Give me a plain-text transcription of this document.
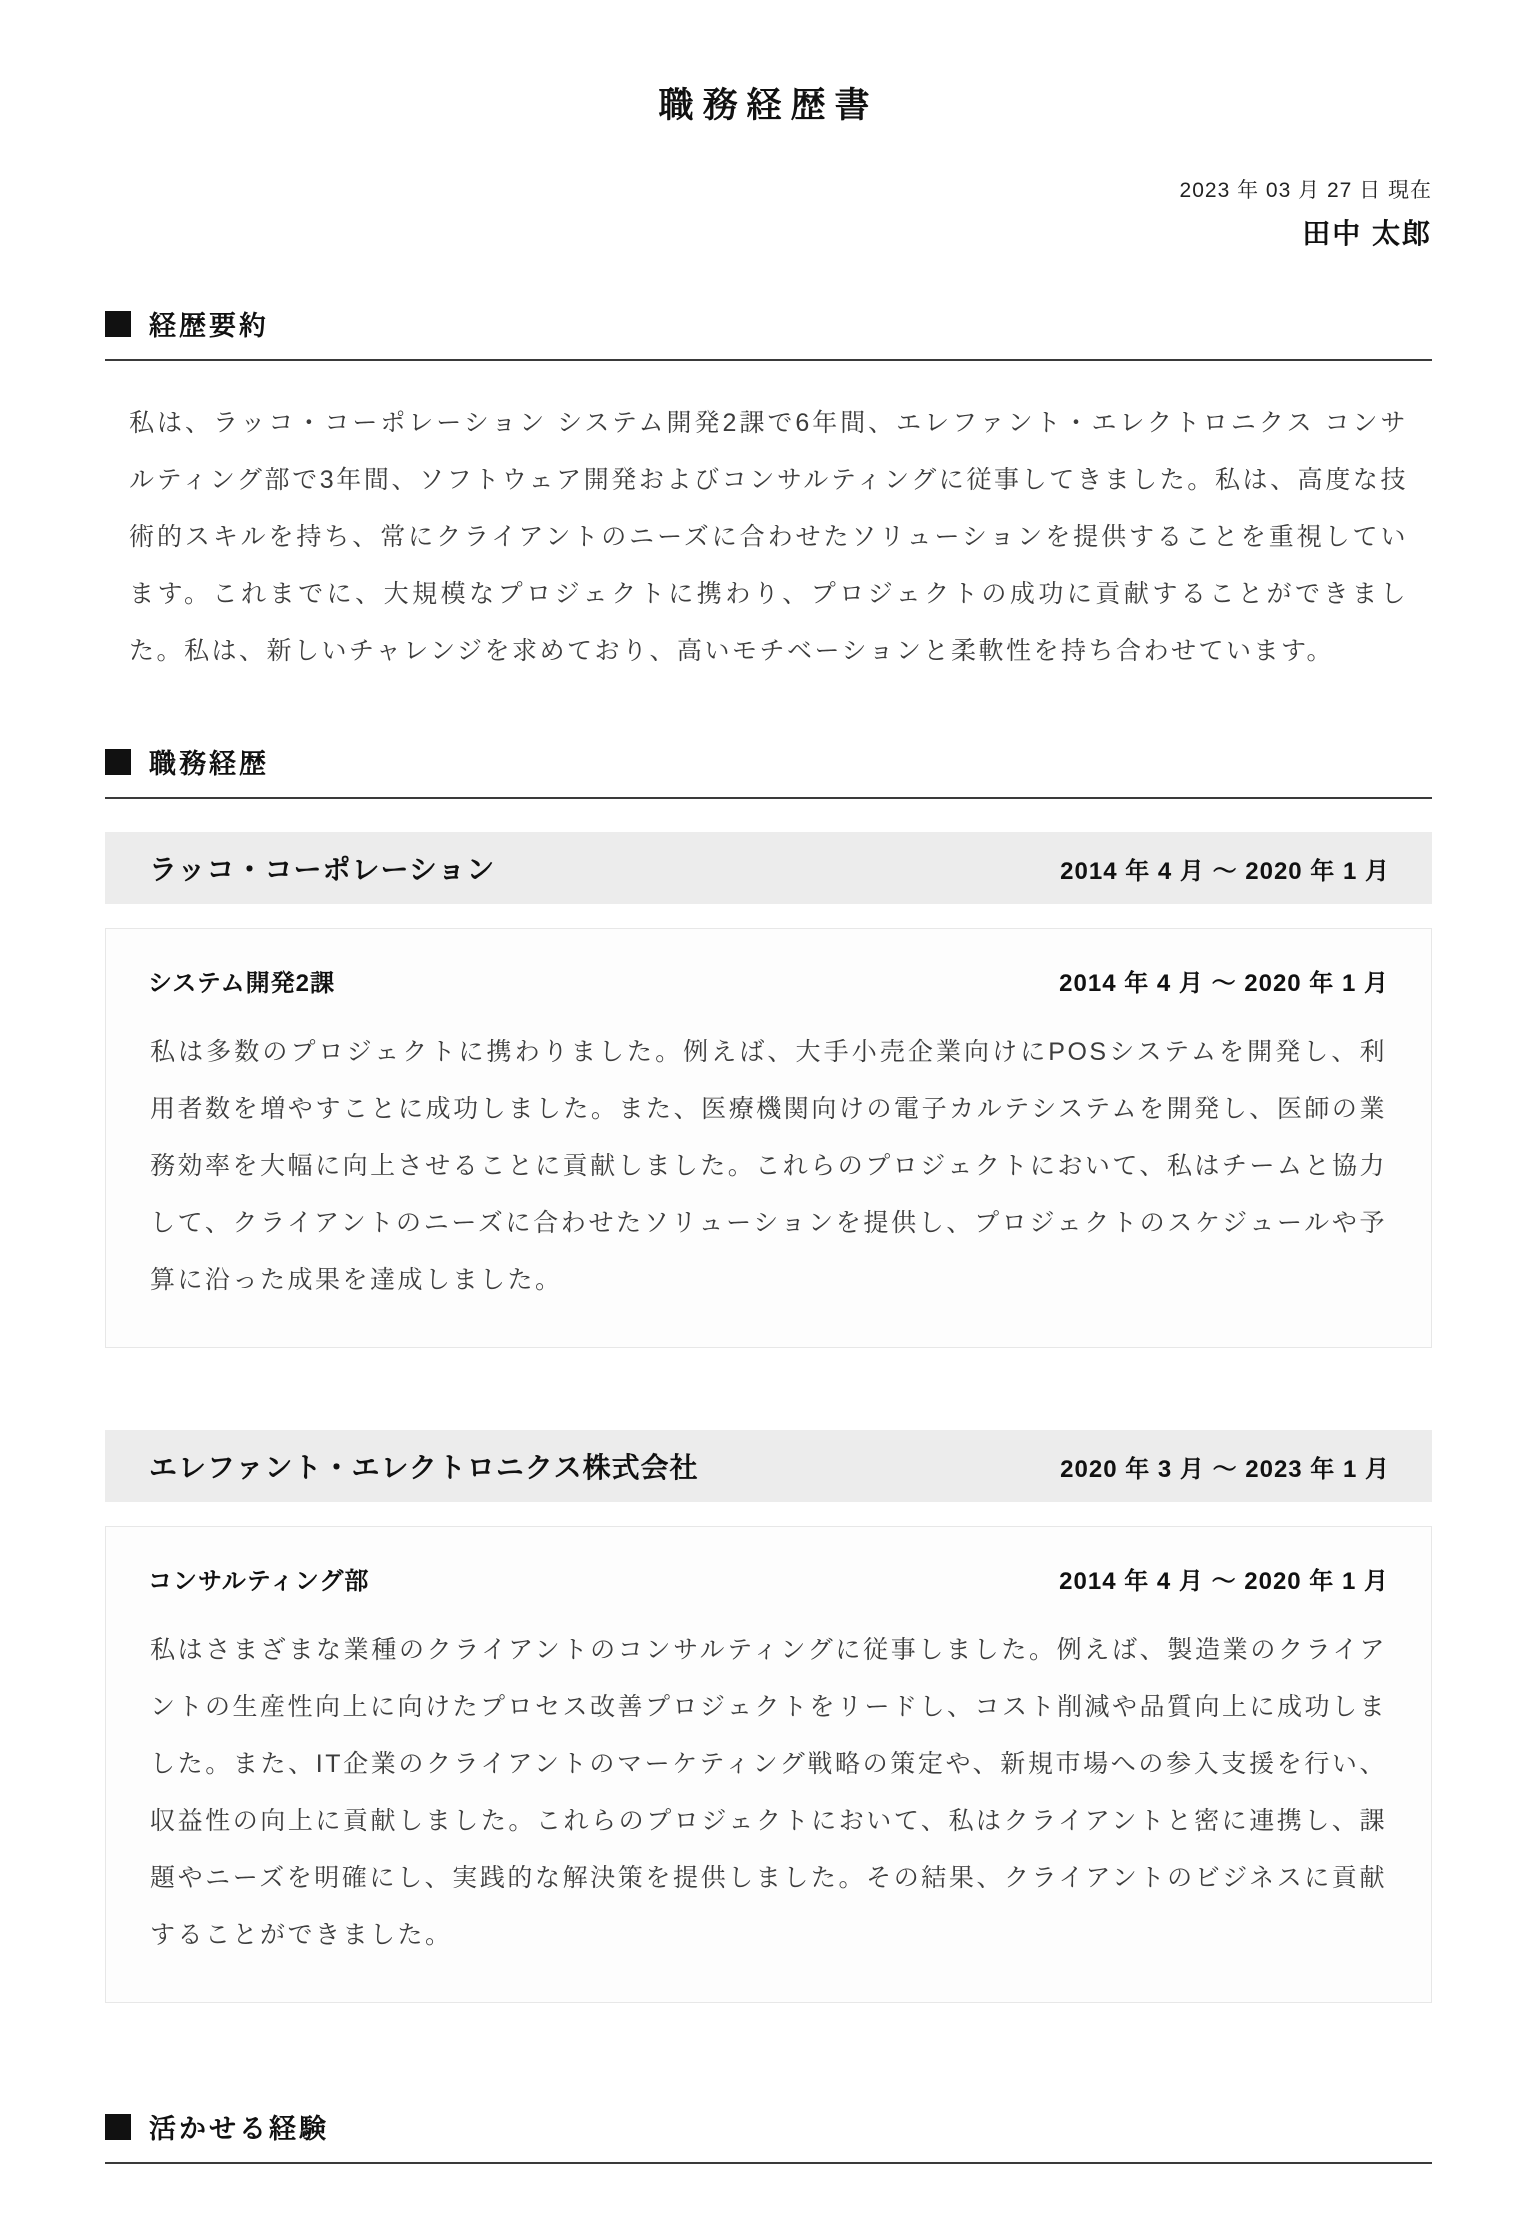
職務経歴書
2023 年 03 月 27 日 現在
田中 太郎
経歴要約

私は、ラッコ・コーポレーション システム開発2課で6年間、エレファント・エレクトロニクス コンサルティング部で3年間、ソフトウェア開発およびコンサルティングに従事してきました。私は、高度な技術的スキルを持ち、常にクライアントのニーズに合わせたソリューションを提供することを重視しています。これまでに、大規模なプロジェクトに携わり、プロジェクトの成功に貢献することができました。私は、新しいチャレンジを求めており、高いモチベーションと柔軟性を持ち合わせています。

職務経歴
ラッコ・コーポレーション	2014 年 4 月 ～ 2020 年 1 月
システム開発2課	2014 年 4 月 ～ 2020 年 1 月

私は多数のプロジェクトに携わりました。例えば、大手小売企業向けにPOSシステムを開発し、利用者数を増やすことに成功しました。また、医療機関向けの電子カルテシステムを開発し、医師の業務効率を大幅に向上させることに貢献しました。これらのプロジェクトにおいて、私はチームと協力して、クライアントのニーズに合わせたソリューションを提供し、プロジェクトのスケジュールや予算に沿った成果を達成しました。

エレファント・エレクトロニクス株式会社	2020 年 3 月 ～ 2023 年 1 月
コンサルティング部	2014 年 4 月 ～ 2020 年 1 月

私はさまざまな業種のクライアントのコンサルティングに従事しました。例えば、製造業のクライアントの生産性向上に向けたプロセス改善プロジェクトをリードし、コスト削減や品質向上に成功しました。また、IT企業のクライアントのマーケティング戦略の策定や、新規市場への参入支援を行い、収益性の向上に貢献しました。これらのプロジェクトにおいて、私はクライアントと密に連携し、課題やニーズを明確にし、実践的な解決策を提供しました。その結果、クライアントのビジネスに貢献することができました。

活かせる経験
